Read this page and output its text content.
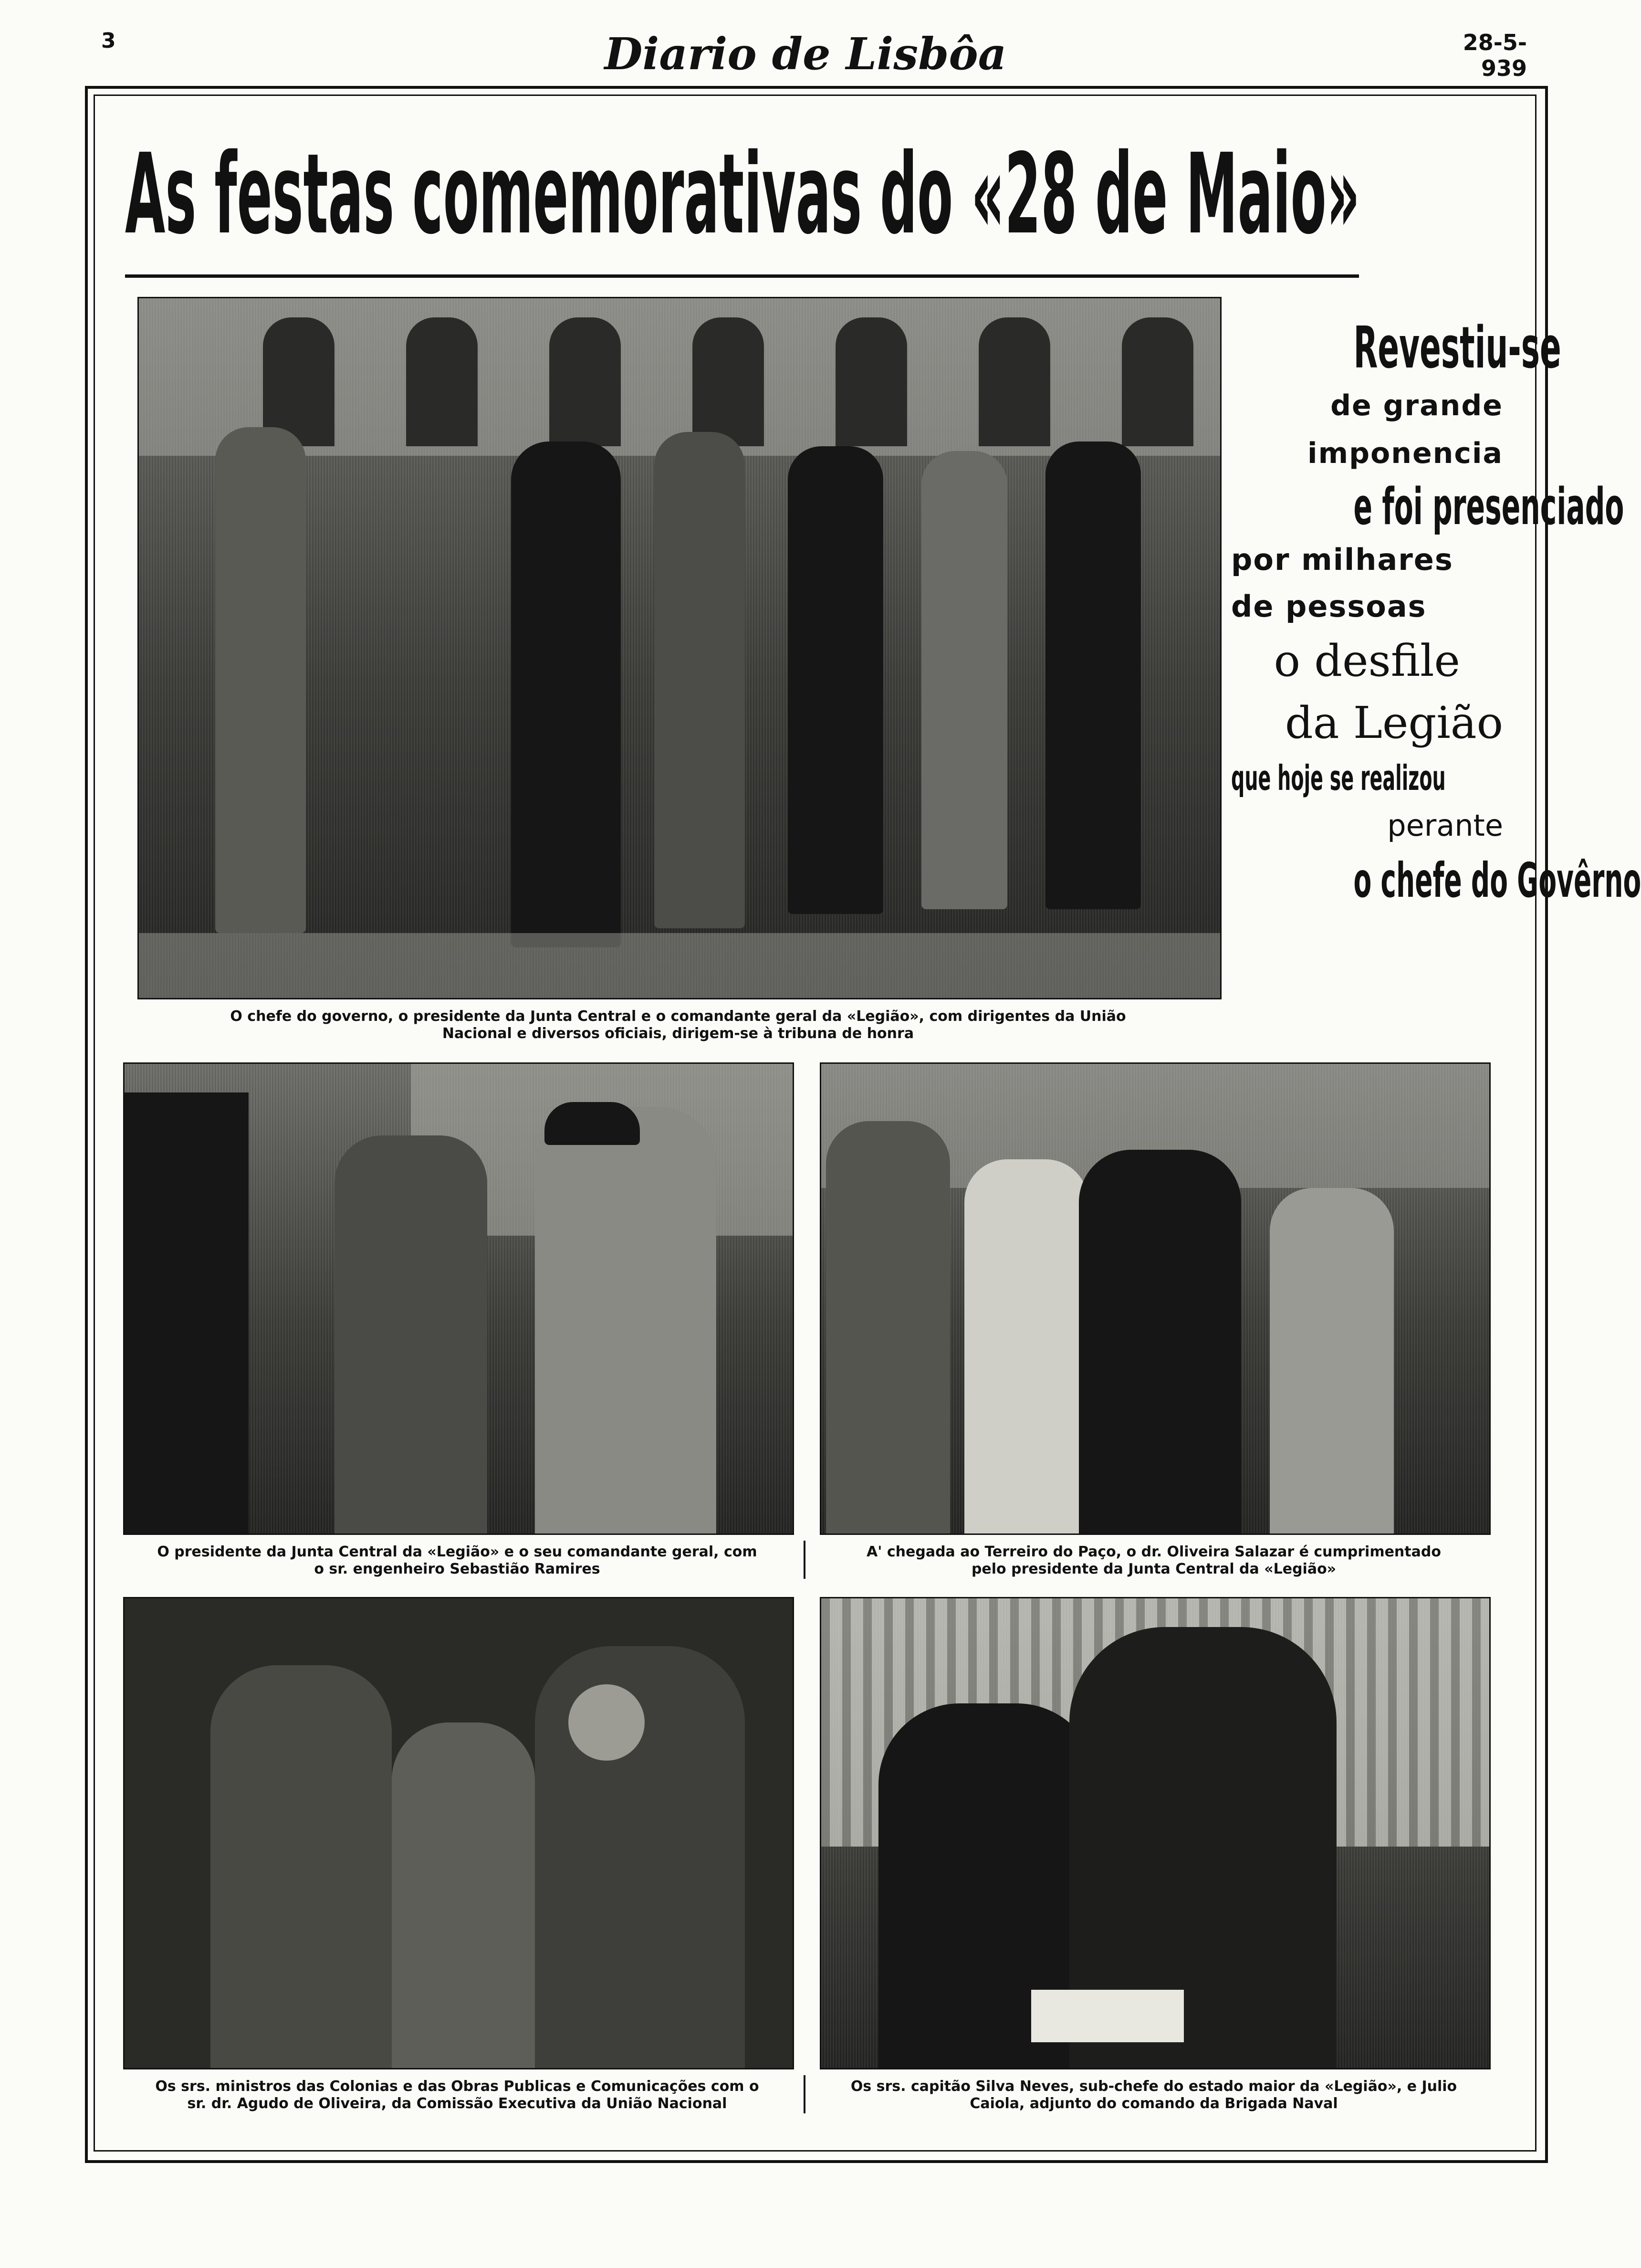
3	Diario de Lisbôa	28-5-939
As festas comemorativas do «28 de Maio»
Revestiu-se
de grande
imponencia
e foi presenciado
por milhares
de pessoas
o desfile
da Legião
que hoje se realizou
perante
o chefe do Govêrno
O chefe do governo, o presidente da Junta Central e o comandante geral da «Legião», com dirigentes da União
Nacional e diversos oficiais, dirigem-se à tribuna de honra
O presidente da Junta Central da «Legião» e o seu comandante geral, com
o sr. engenheiro Sebastião Ramires
A' chegada ao Terreiro do Paço, o dr. Oliveira Salazar é cumprimentado
pelo presidente da Junta Central da «Legião»
Os srs. ministros das Colonias e das Obras Publicas e Comunicações com o
sr. dr. Agudo de Oliveira, da Comissão Executiva da União Nacional
Os srs. capitão Silva Neves, sub-chefe do estado maior da «Legião», e Julio
Caiola, adjunto do comando da Brigada Naval
